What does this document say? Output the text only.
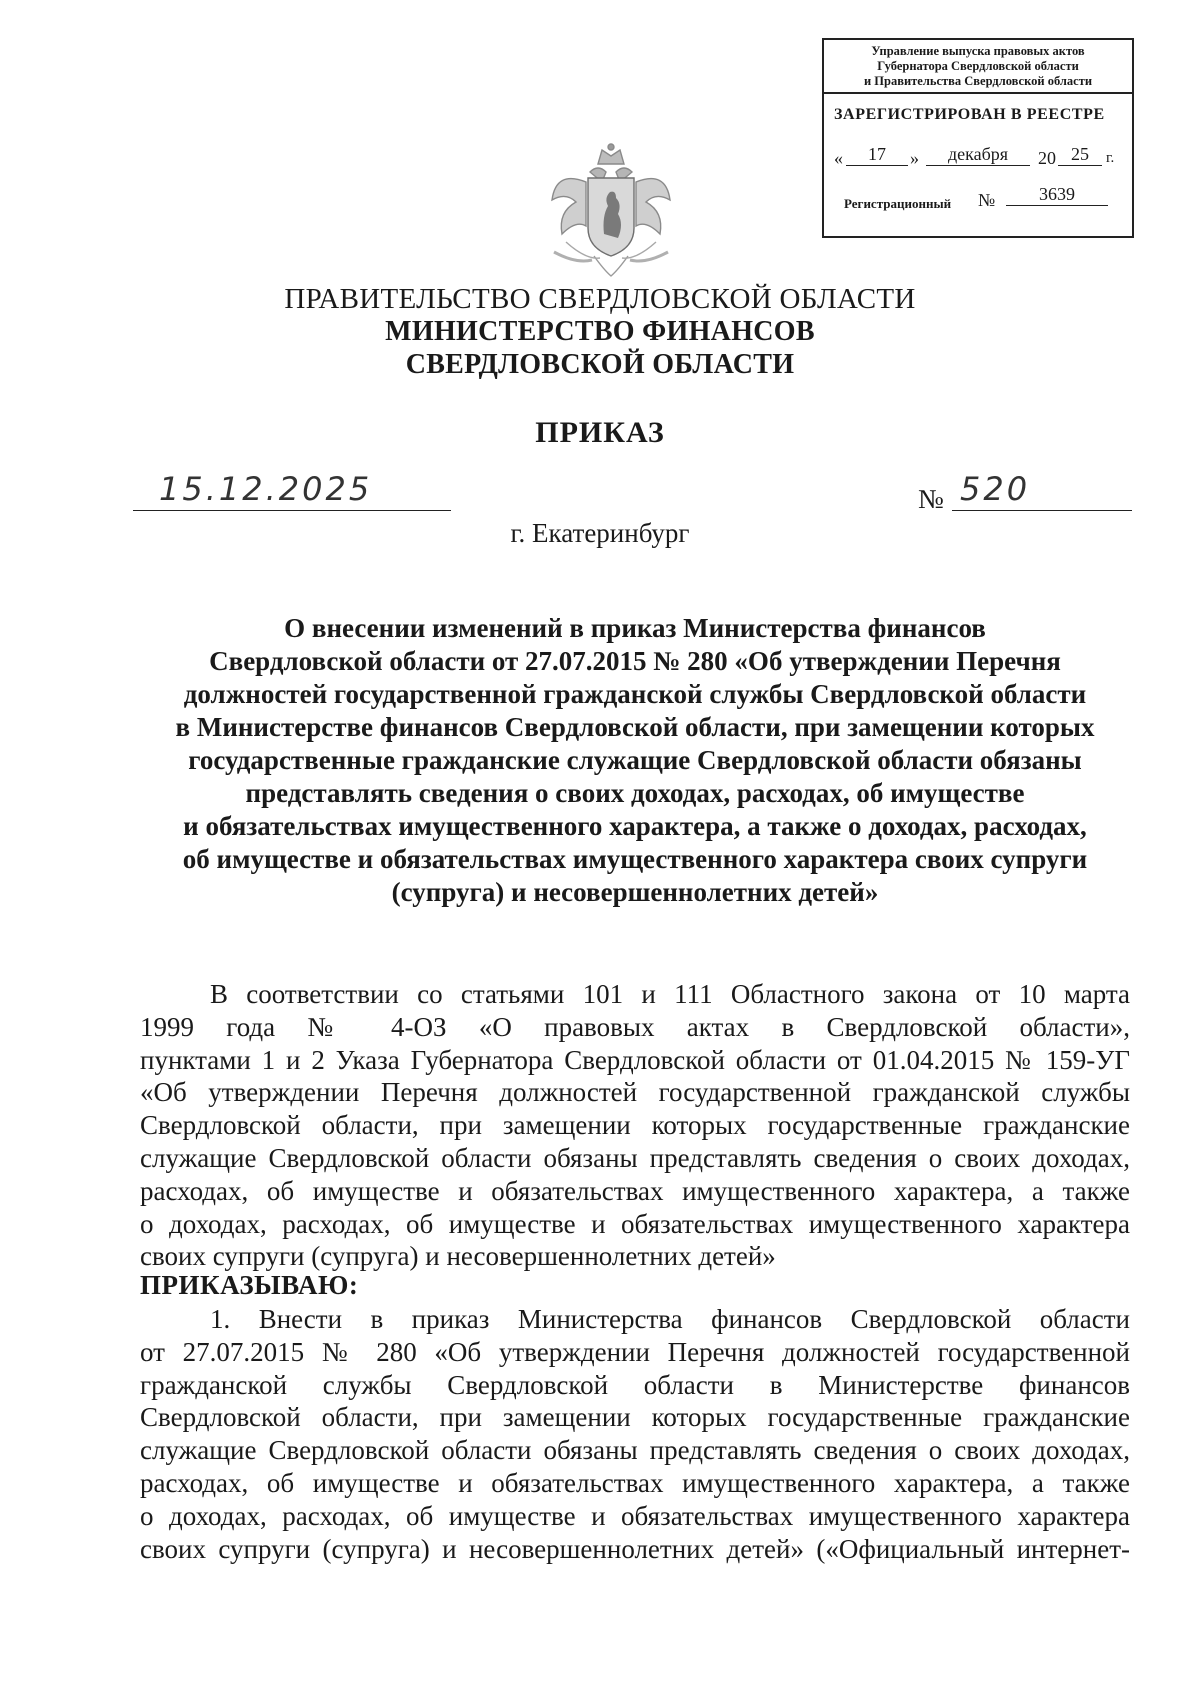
Управление выпуска правовых актов
Губернатора Свердловской области
и Правительства Свердловской области
ЗАРЕГИСТРИРОВАН В РЕЕСТРЕ
«	17	»	декабря	20 25	г.
Регистрационный №	3639
ПРАВИТЕЛЬСТВО СВЕРДЛОВСКОЙ ОБЛАСТИ
МИНИСТЕРСТВО ФИНАНСОВ
СВЕРДЛОВСКОЙ ОБЛАСТИ
ПРИКАЗ
15.12.2025	№ 520
г. Екатеринбург
О внесении изменений в приказ Министерства финансов
Свердловской области от 27.07.2015 № 280 «Об утверждении Перечня
должностей государственной гражданской службы Свердловской области
в Министерстве финансов Свердловской области, при замещении которых
государственные гражданские служащие Свердловской области обязаны
представлять сведения о своих доходах, расходах, об имуществе
и обязательствах имущественного характера, а также о доходах, расходах,
об имуществе и обязательствах имущественного характера своих супруги
(супруга) и несовершеннолетних детей»
В соответствии со статьями 101 и 111 Областного закона от 10 марта
1999 года № 4-ОЗ «О правовых актах в Свердловской области»,
пунктами 1 и 2 Указа Губернатора Свердловской области от 01.04.2015 № 159-УГ
«Об утверждении Перечня должностей государственной гражданской службы
Свердловской области, при замещении которых государственные гражданские
служащие Свердловской области обязаны представлять сведения о своих доходах,
расходах, об имуществе и обязательствах имущественного характера, а также
о доходах, расходах, об имуществе и обязательствах имущественного характера
своих супруги (супруга) и несовершеннолетних детей»
ПРИКАЗЫВАЮ:
1. Внести в приказ Министерства финансов Свердловской области
от 27.07.2015 № 280 «Об утверждении Перечня должностей государственной
гражданской службы Свердловской области в Министерстве финансов
Свердловской области, при замещении которых государственные гражданские
служащие Свердловской области обязаны представлять сведения о своих доходах,
расходах, об имуществе и обязательствах имущественного характера, а также
о доходах, расходах, об имуществе и обязательствах имущественного характера
своих супруги (супруга) и несовершеннолетних детей» («Официальный интернет-
